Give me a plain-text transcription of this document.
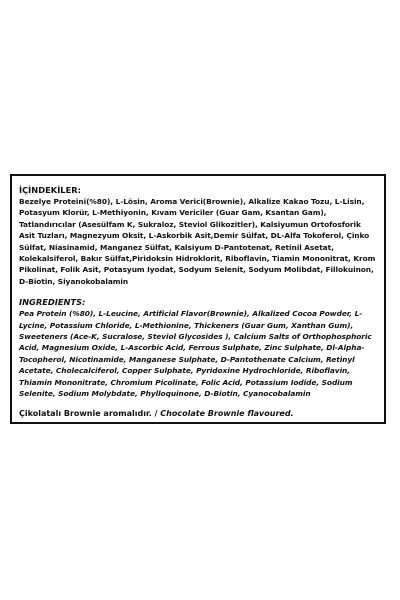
İÇİNDEKİLER:

Bezelye Proteini(%80), L-Lösin, Aroma Verici(Brownie), Alkalize Kakao Tozu, L-Lisin, Potasyum Klorür, L-Methiyonin, Kıvam Verici̇ler (Guar Gam, Ksantan Gam), Tatlandırıcılar (Asesülfam K, Sukraloz, Steviol Glikozitler), Kalsiyumun Ortofosforik Asit Tuzları, Magnezyum Oksit, L-Askorbik Asit,Demir Sülfat, DL-Alfa Tokoferol, Çinko Sülfat, Niasinamid, Manganez Sülfat, Kalsiyum D-Pantotenat, Retinil Asetat, Kolekalsiferol, Bakır Sülfat,Piridoksin Hidroklorit, Riboflavin, Tiamin Mononitrat, Krom Pikolinat, Folik Asit, Potasyum Iyodat, Sodyum Selenit, Sodyum Molibdat, Fillokuinon, D-Biotin, Siyanokobalamin

INGREDIENTS:

Pea Protein (%80), L-Leucine, Artificial Flavor(Brownie), Alkalized Cocoa Powder, L-Lycine, Potassium Chloride, L-Methionine, Thickeners (Guar Gum, Xanthan Gum), Sweeteners (Ace-K, Sucralose, Steviol Glycosides ), Calcium Salts of Orthophosphoric Acid, Magnesium Oxide, L-Ascorbic Acid, Ferrous Sulphate, Zinc Sulphate, Dl-Alpha-Tocopherol, Nicotinamide, Manganese Sulphate, D-Pantothenate Calcium, Retinyl Acetate, Cholecalciferol, Copper Sulphate, Pyridoxine Hydrochloride, Riboflavin, Thiamin Mononitrate, Chromium Picolinate, Folic Acid, Potassium Iodide, Sodium Selenite, Sodium Molybdate, Phylloquinone, D-Biotin, Cyanocobalamin

Çikolatalı Brownie aromalıdır. / Chocolate Brownie flavoured.
